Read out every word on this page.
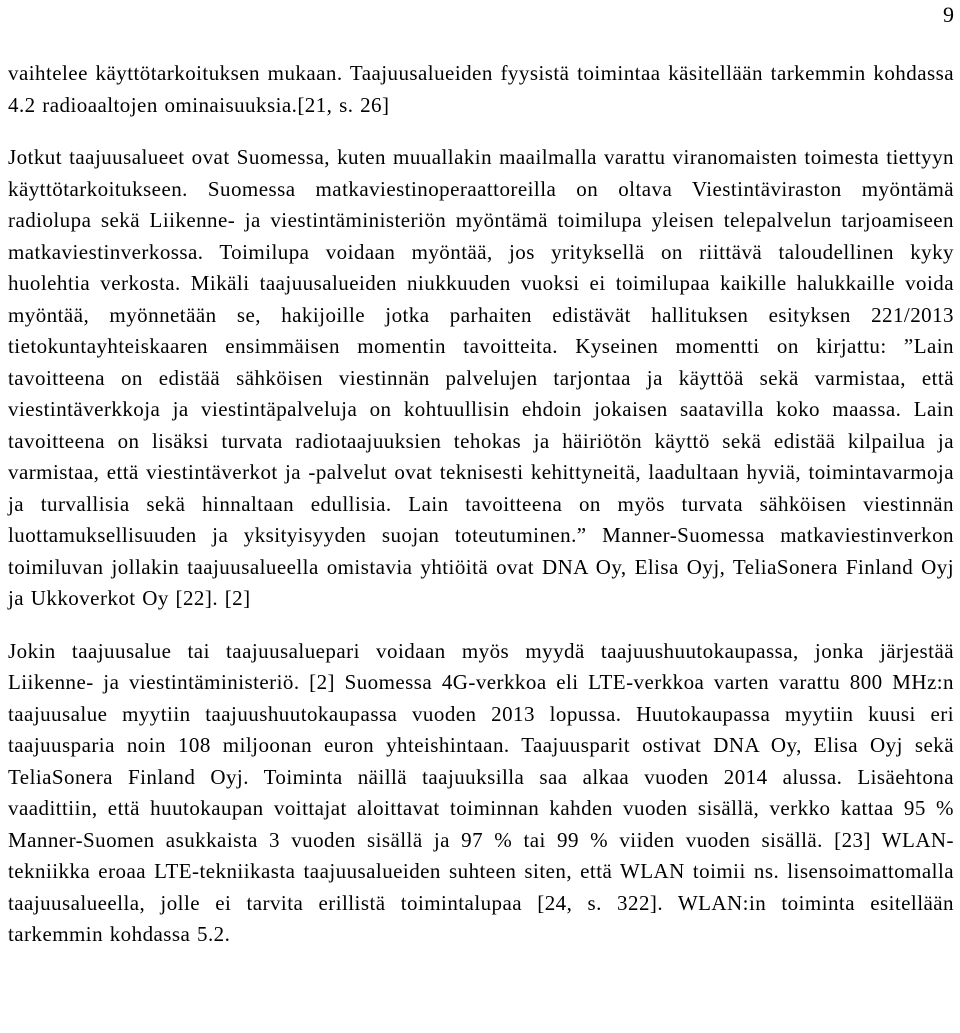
9

vaihtelee käyttötarkoituksen mukaan. Taajuusalueiden fyysistä toimintaa käsitellään tarkemmin kohdassa 4.2 radioaaltojen ominaisuuksia.[21, s. 26]

Jotkut taajuusalueet ovat Suomessa, kuten muuallakin maailmalla varattu viranomaisten toimesta tiettyyn käyttötarkoitukseen. Suomessa matkaviestinoperaattoreilla on oltava Viestintäviraston myöntämä radiolupa sekä Liikenne- ja viestintäministeriön myöntämä toimilupa yleisen telepalvelun tarjoamiseen matkaviestinverkossa. Toimilupa voidaan myöntää, jos yrityksellä on riittävä taloudellinen kyky huolehtia verkosta. Mikäli taajuusalueiden niukkuuden vuoksi ei toimilupaa kaikille halukkaille voida myöntää, myönnetään se, hakijoille jotka parhaiten edistävät hallituksen esityksen 221/2013 tietokuntayhteiskaaren ensimmäisen momentin tavoitteita. Kyseinen momentti on kirjattu: ”Lain tavoitteena on edistää sähköisen viestinnän palvelujen tarjontaa ja käyttöä sekä varmistaa, että viestintäverkkoja ja viestintäpalveluja on kohtuullisin ehdoin jokaisen saatavilla koko maassa. Lain tavoitteena on lisäksi turvata radiotaajuuksien tehokas ja häiriötön käyttö sekä edistää kilpailua ja varmistaa, että viestintäverkot ja -palvelut ovat teknisesti kehittyneitä, laadultaan hyviä, toimintavarmoja ja turvallisia sekä hinnaltaan edullisia. Lain tavoitteena on myös turvata sähköisen viestinnän luottamuksellisuuden ja yksityisyyden suojan toteutuminen.” Manner-Suomessa matkaviestinverkon toimiluvan jollakin taajuusalueella omistavia yhtiöitä ovat DNA Oy, Elisa Oyj, TeliaSonera Finland Oyj ja Ukkoverkot Oy [22]. [2]

Jokin taajuusalue tai taajuusaluepari voidaan myös myydä taajuushuutokaupassa, jonka järjestää Liikenne- ja viestintäministeriö. [2] Suomessa 4G-verkkoa eli LTE-verkkoa varten varattu 800 MHz:n taajuusalue myytiin taajuushuutokaupassa vuoden 2013 lopussa. Huutokaupassa myytiin kuusi eri taajuusparia noin 108 miljoonan euron yhteishintaan. Taajuusparit ostivat DNA Oy, Elisa Oyj sekä TeliaSonera Finland Oyj. Toiminta näillä taajuuksilla saa alkaa vuoden 2014 alussa. Lisäehtona vaadittiin, että huutokaupan voittajat aloittavat toiminnan kahden vuoden sisällä, verkko kattaa 95 % Manner-Suomen asukkaista 3 vuoden sisällä ja 97 % tai 99 % viiden vuoden sisällä. [23] WLAN-tekniikka eroaa LTE-tekniikasta taajuusalueiden suhteen siten, että WLAN toimii ns. lisensoimattomalla taajuusalueella, jolle ei tarvita erillistä toimintalupaa [24, s. 322]. WLAN:in toiminta esitellään tarkemmin kohdassa 5.2.
